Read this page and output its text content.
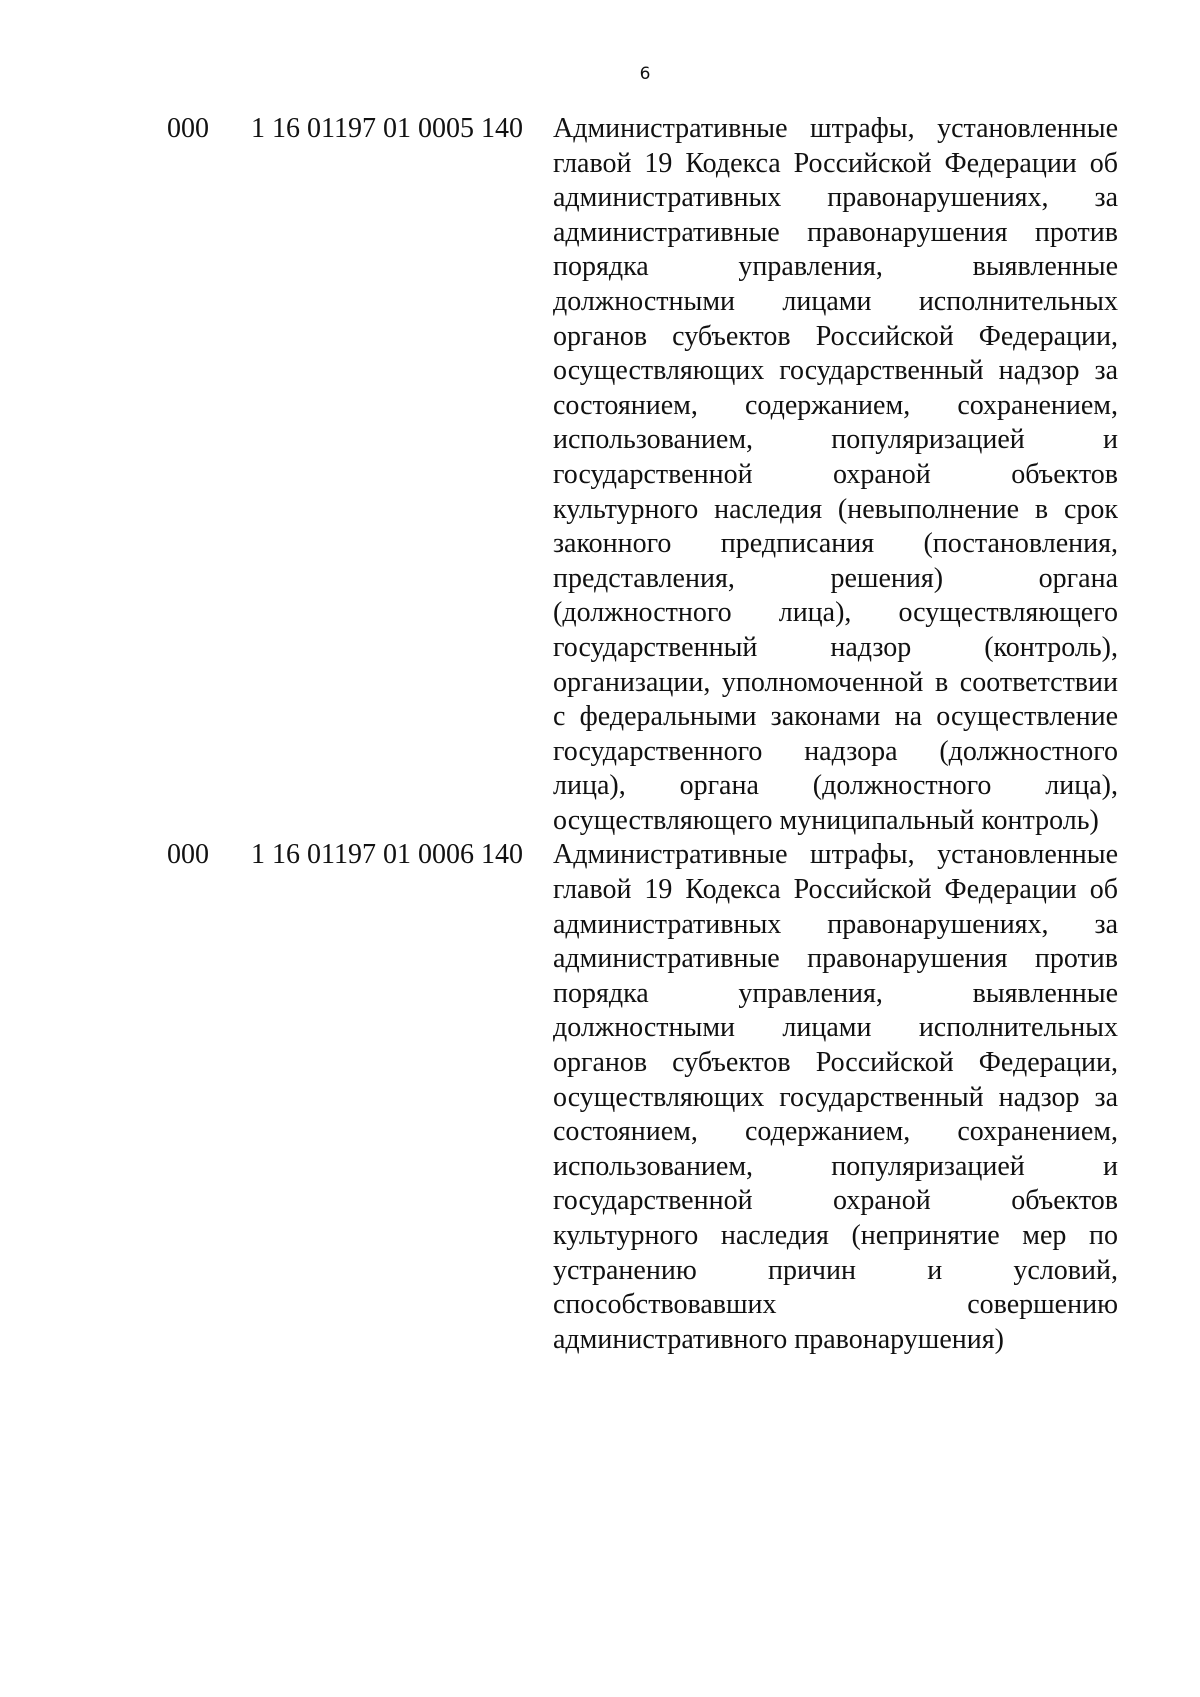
6
000 1 16 01197 01 0005 140 Административные штрафы, установленные главой 19 Кодекса Российской Федерации об административных правонарушениях, за административные правонарушения против порядка управления, выявленные должностными лицами исполнительных органов субъектов Российской Федерации, осуществляющих государственный надзор за состоянием, содержанием, сохранением, использованием, популяризацией и государственной охраной объектов культурного наследия (невыполнение в срок законного предписания (постановления, представления, решения) органа (должностного лица), осуществляющего государственный надзор (контроль), организации, уполномоченной в соответствии с федеральными законами на осуществление государственного надзора (должностного лица), органа (должностного лица), осуществляющего муниципальный контроль)

000 1 16 01197 01 0006 140 Административные штрафы, установленные главой 19 Кодекса Российской Федерации об административных правонарушениях, за административные правонарушения против порядка управления, выявленные должностными лицами исполнительных органов субъектов Российской Федерации, осуществляющих государственный надзор за состоянием, содержанием, сохранением, использованием, популяризацией и государственной охраной объектов культурного наследия (непринятие мер по устранению причин и условий, способствовавших совершению административного правонарушения)
